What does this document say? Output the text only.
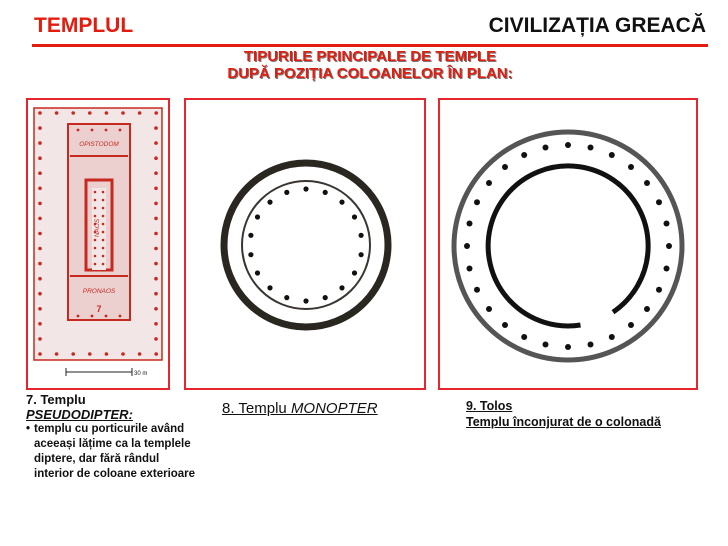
TEMPLUL	CIVILIZAȚIA GREACĂ
TIPURILE PRINCIPALE DE TEMPLE
DUPĂ POZIȚIA COLOANELOR ÎN PLAN:
OPISTODOM
NAOS
PRONAOS
7
30 m
7. Templu
PSEUDODIPTER:
• templu cu porticurile având aceeași lățime ca la templele diptere, dar fără rândul interior de coloane exterioare
8. Templu MONOPTER	9. Tolos
Templu înconjurat de o colonadă
